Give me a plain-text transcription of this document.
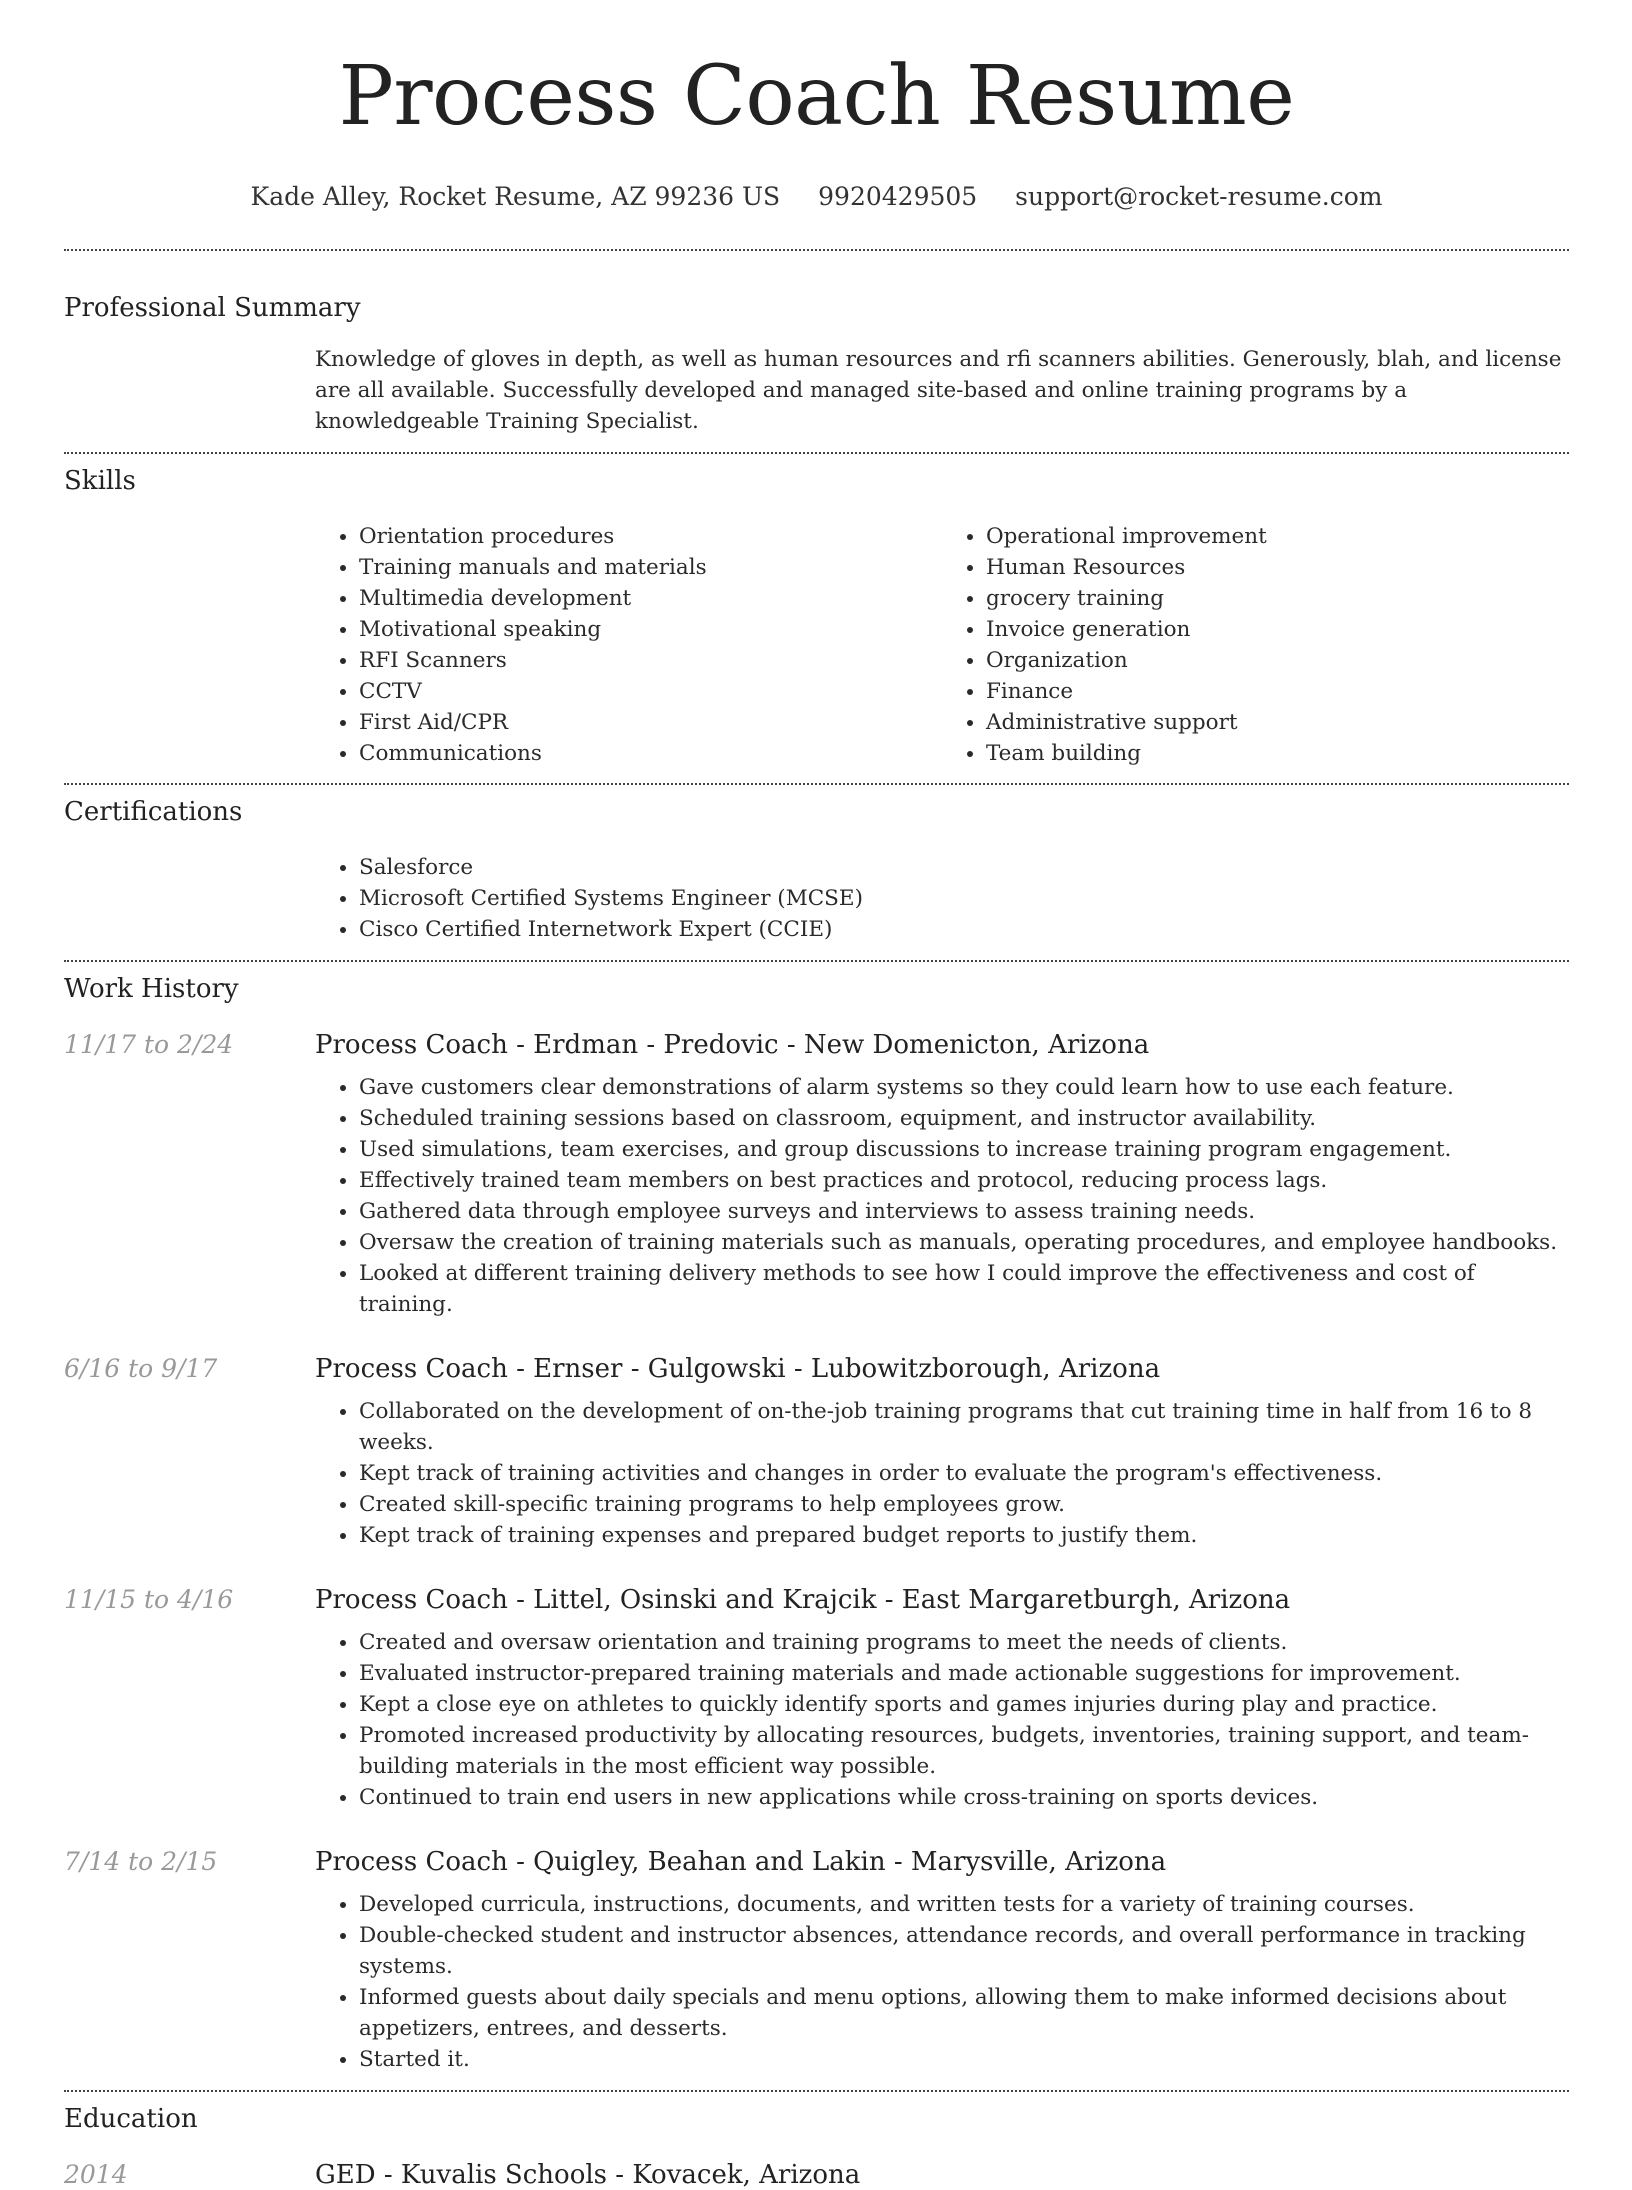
Process Coach Resume
Kade Alley, Rocket Resume, AZ 99236 US 9920429505 support@rocket-resume.com
Professional Summary
Knowledge of gloves in depth, as well as human resources and rfi scanners abilities. Generously, blah, and license are all available. Successfully developed and managed site-based and online training programs by a knowledgeable Training Specialist.
Skills
• Orientation procedures
• Training manuals and materials
• Multimedia development
• Motivational speaking
• RFI Scanners
• CCTV
• First Aid/CPR
• Communications
• Operational improvement
• Human Resources
• grocery training
• Invoice generation
• Organization
• Finance
• Administrative support
• Team building
Certifications
• Salesforce
• Microsoft Certified Systems Engineer (MCSE)
• Cisco Certified Internetwork Expert (CCIE)
Work History
11/17 to 2/24	Process Coach - Erdman - Predovic - New Domenicton, Arizona
• Gave customers clear demonstrations of alarm systems so they could learn how to use each feature.
• Scheduled training sessions based on classroom, equipment, and instructor availability.
• Used simulations, team exercises, and group discussions to increase training program engagement.
• Effectively trained team members on best practices and protocol, reducing process lags.
• Gathered data through employee surveys and interviews to assess training needs.
• Oversaw the creation of training materials such as manuals, operating procedures, and employee handbooks.
• Looked at different training delivery methods to see how I could improve the effectiveness and cost of training.
6/16 to 9/17	Process Coach - Ernser - Gulgowski - Lubowitzborough, Arizona
• Collaborated on the development of on-the-job training programs that cut training time in half from 16 to 8 weeks.
• Kept track of training activities and changes in order to evaluate the program's effectiveness.
• Created skill-specific training programs to help employees grow.
• Kept track of training expenses and prepared budget reports to justify them.
11/15 to 4/16	Process Coach - Littel, Osinski and Krajcik - East Margaretburgh, Arizona
• Created and oversaw orientation and training programs to meet the needs of clients.
• Evaluated instructor-prepared training materials and made actionable suggestions for improvement.
• Kept a close eye on athletes to quickly identify sports and games injuries during play and practice.
• Promoted increased productivity by allocating resources, budgets, inventories, training support, and team-building materials in the most efficient way possible.
• Continued to train end users in new applications while cross-training on sports devices.
7/14 to 2/15	Process Coach - Quigley, Beahan and Lakin - Marysville, Arizona
• Developed curricula, instructions, documents, and written tests for a variety of training courses.
• Double-checked student and instructor absences, attendance records, and overall performance in tracking systems.
• Informed guests about daily specials and menu options, allowing them to make informed decisions about appetizers, entrees, and desserts.
• Started it.
Education
2014	GED - Kuvalis Schools - Kovacek, Arizona
